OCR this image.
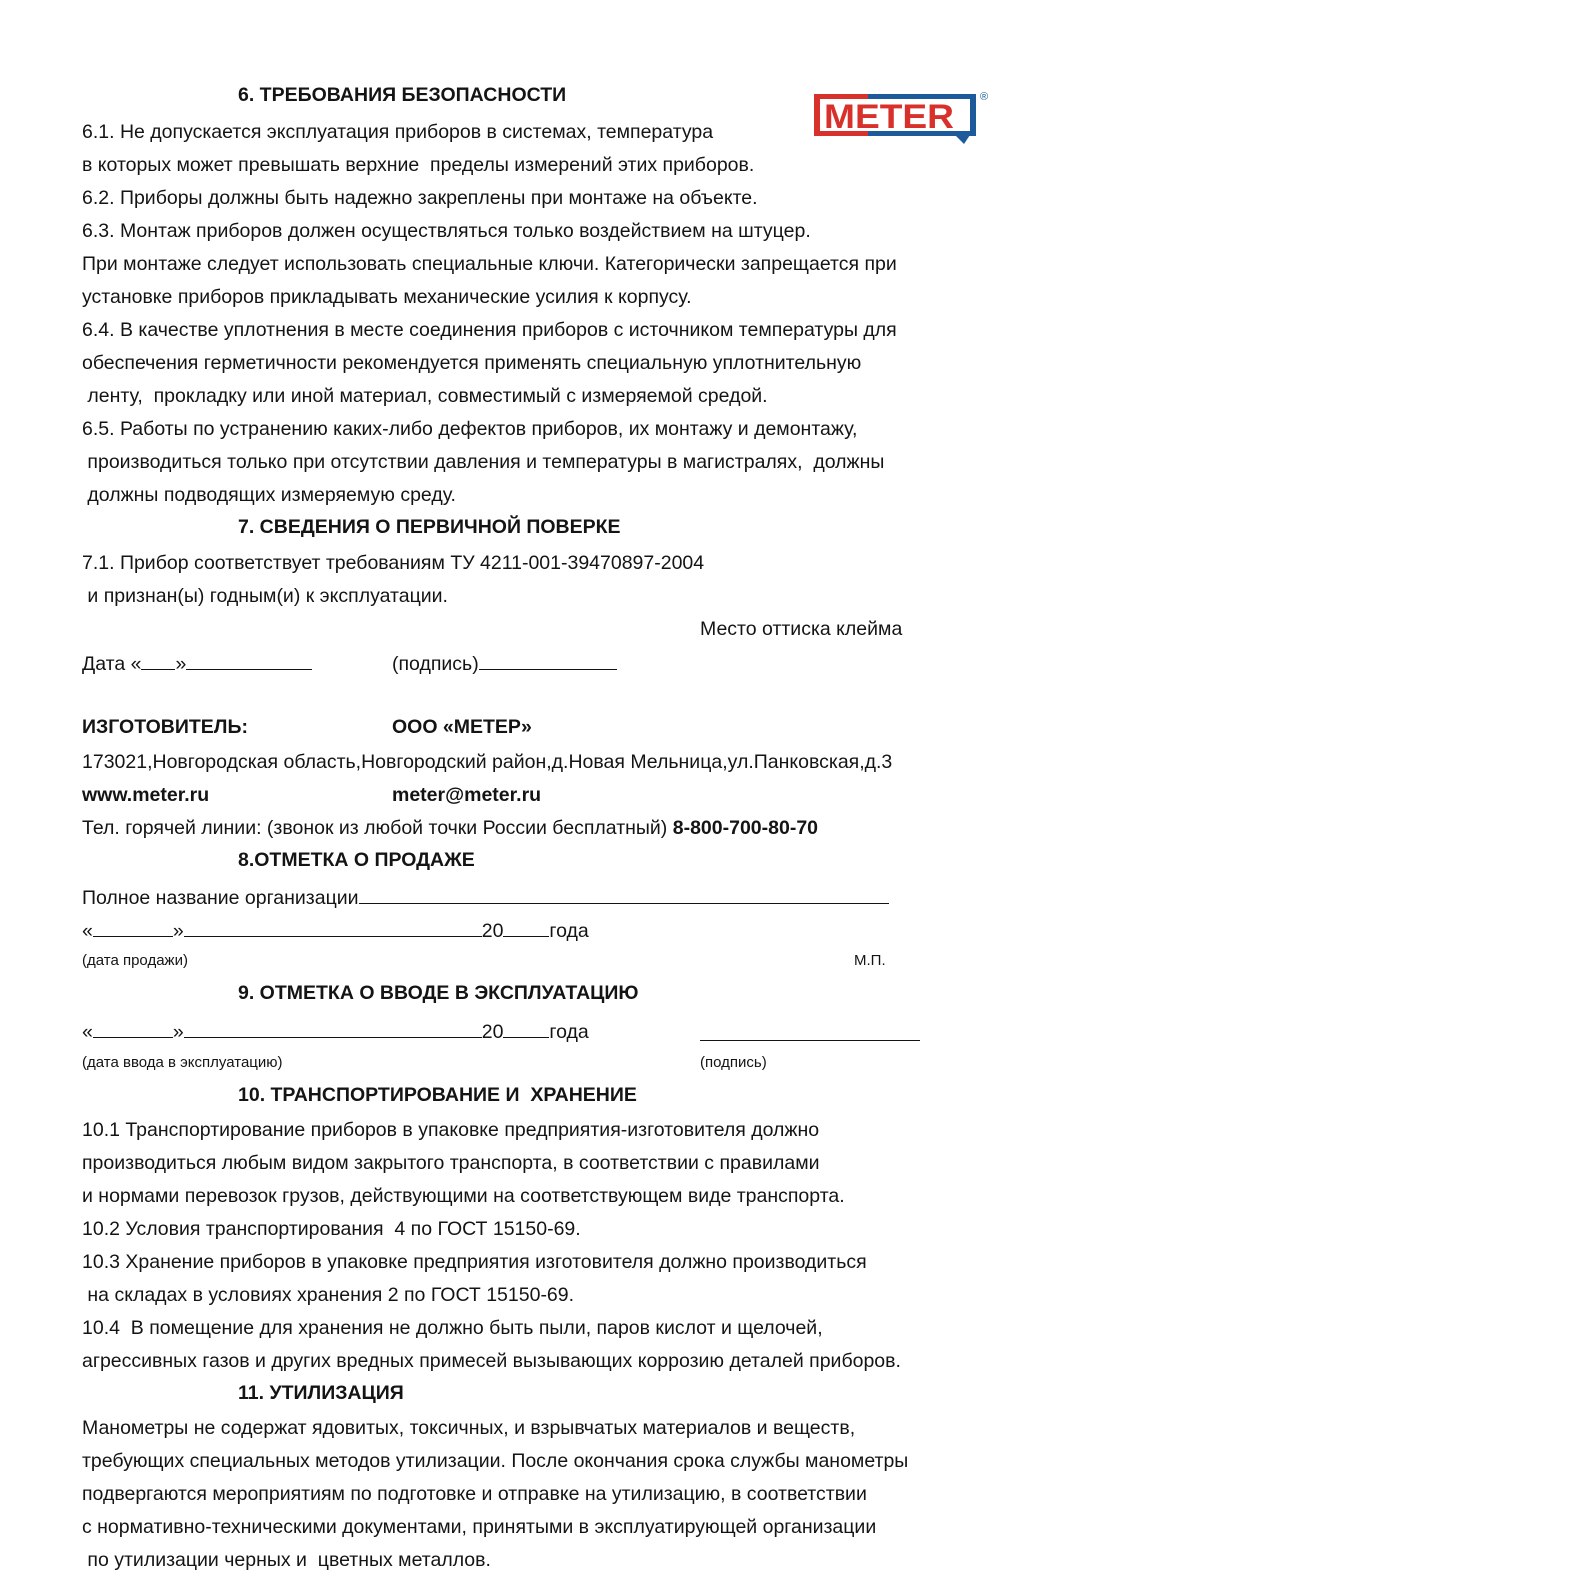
METER
®
6. ТРЕБОВАНИЯ БЕЗОПАСНОСТИ
6.1. Не допускается эксплуатация приборов в системах, температура
в которых может превышать верхние  пределы измерений этих приборов.
6.2. Приборы должны быть надежно закреплены при монтаже на объекте.
6.3. Монтаж приборов должен осуществляться только воздействием на штуцер.
При монтаже следует использовать специальные ключи. Категорически запрещается при
установке приборов прикладывать механические усилия к корпусу.
6.4. В качестве уплотнения в месте соединения приборов с источником температуры для
обеспечения герметичности рекомендуется применять специальную уплотнительную
ленту,  прокладку или иной материал, совместимый с измеряемой средой.
6.5. Работы по устранению каких-либо дефектов приборов, их монтажу и демонтажу,
производиться только при отсутствии давления и температуры в магистралях,  должны
должны подводящих измеряемую среду.
7. СВЕДЕНИЯ О ПЕРВИЧНОЙ ПОВЕРКЕ
7.1. Прибор соответствует требованиям ТУ 4211-001-39470897-2004
и признан(ы) годным(и) к эксплуатации.
Место оттиска клейма
Дата « »	(подпись)
ИЗГОТОВИТЕЛЬ:	ООО «МЕТЕР»
173021,Новгородская область,Новгородский район,д.Новая Мельница,ул.Панковская,д.3
www.meter.ru	meter@meter.ru
Тел. горячей линии: (звонок из любой точки России бесплатный) 8-800-700-80-70
8.ОТМЕТКА О ПРОДАЖЕ
Полное название организации
«	»	20 года
(дата продажи)	М.П.
9. ОТМЕТКА О ВВОДЕ В ЭКСПЛУАТАЦИЮ
«	»	20 года
(дата ввода в эксплуатацию)	(подпись)
10. ТРАНСПОРТИРОВАНИЕ И  ХРАНЕНИЕ
10.1 Транспортирование приборов в упаковке предприятия-изготовителя должно
производиться любым видом закрытого транспорта, в соответствии с правилами
и нормами перевозок грузов, действующими на соответствующем виде транспорта.
10.2 Условия транспортирования  4 по ГОСТ 15150-69.
10.3 Хранение приборов в упаковке предприятия изготовителя должно производиться
на складах в условиях хранения 2 по ГОСТ 15150-69.
10.4  В помещение для хранения не должно быть пыли, паров кислот и щелочей,
агрессивных газов и других вредных примесей вызывающих коррозию деталей приборов.
11. УТИЛИЗАЦИЯ
Манометры не содержат ядовитых, токсичных, и взрывчатых материалов и веществ,
требующих специальных методов утилизации. После окончания срока службы манометры
подвергаются мероприятиям по подготовке и отправке на утилизацию, в соответствии
с нормативно-техническими документами, принятыми в эксплуатирующей организации
по утилизации черных и  цветных металлов.
